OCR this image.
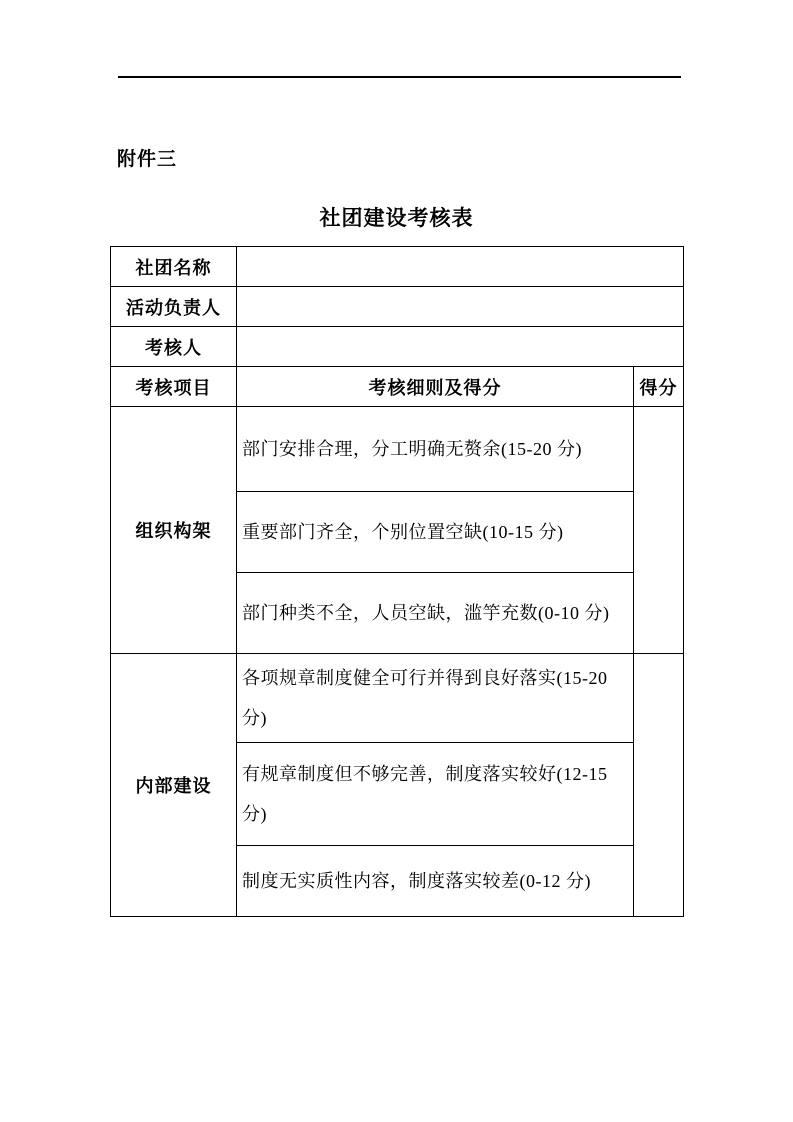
附件三
社团建设考核表
社团名称		
活动负责人		
考核人		
考核项目	考核细则及得分	得分
组织构架	部门安排合理，分工明确无赘余(15-20 分)	
	重要部门齐全，个别位置空缺(10-15 分)	
	部门种类不全，人员空缺，滥竽充数(0-10 分)	
内部建设	各项规章制度健全可行并得到良好落实(15-20 分)	
	有规章制度但不够完善，制度落实较好(12-15 分)	
	制度无实质性内容，制度落实较差(0-12 分)	
